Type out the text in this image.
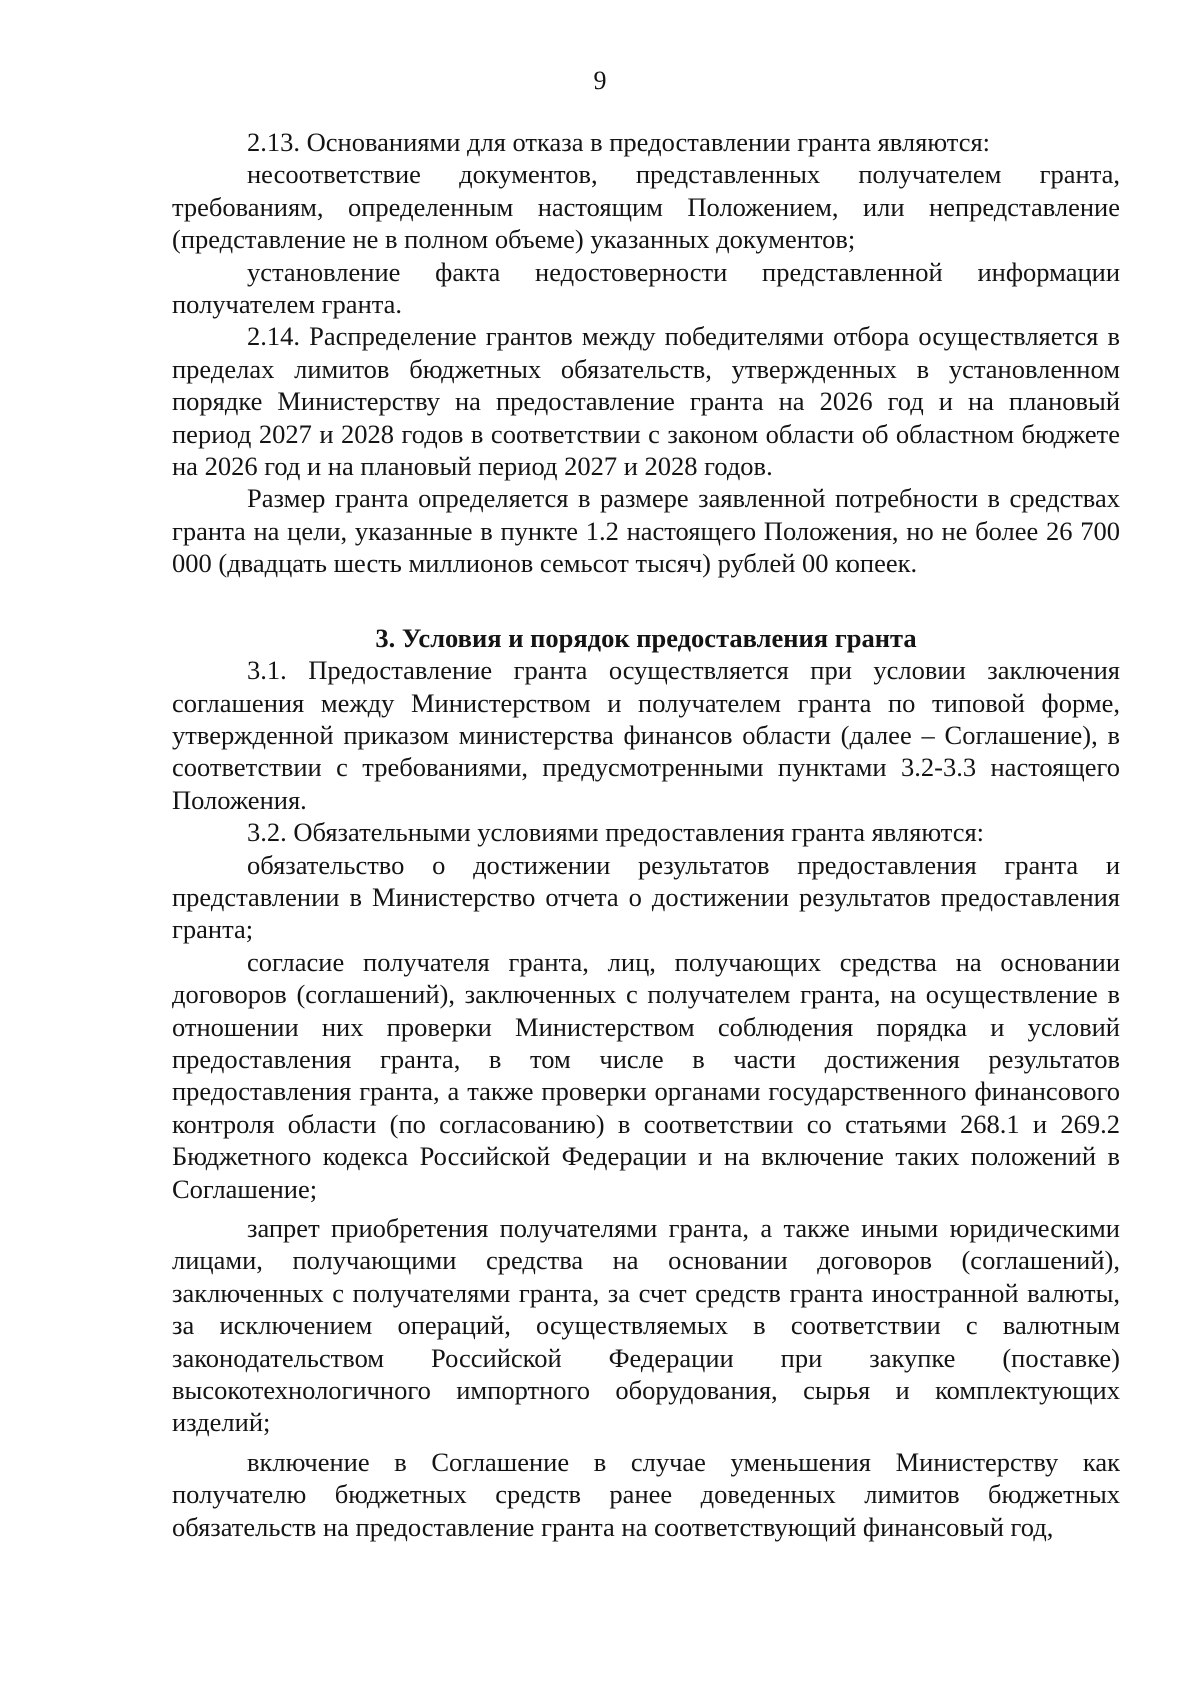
9

2.13. Основаниями для отказа в предоставлении гранта являются:

несоответствие документов, представленных получателем гранта, требованиям, определенным настоящим Положением, или непредставление (представление не в полном объеме) указанных документов;

установление факта недостоверности представленной информации получателем гранта.

2.14. Распределение грантов между победителями отбора осуществляется в пределах лимитов бюджетных обязательств, утвержденных в установленном порядке Министерству на предоставление гранта на 2026 год и на плановый период 2027 и 2028 годов в соответствии с законом области об областном бюджете на 2026 год и на плановый период 2027 и 2028 годов.

Размер гранта определяется в размере заявленной потребности в средствах гранта на цели, указанные в пункте 1.2 настоящего Положения, но не более 26 700 000 (двадцать шесть миллионов семьсот тысяч) рублей 00 копеек.

3. Условия и порядок предоставления гранта

3.1. Предоставление гранта осуществляется при условии заключения соглашения между Министерством и получателем гранта по типовой форме, утвержденной приказом министерства финансов области (далее – Соглашение), в соответствии с требованиями, предусмотренными пунктами 3.2-3.3 настоящего Положения.

3.2. Обязательными условиями предоставления гранта являются:

обязательство о достижении результатов предоставления гранта и представлении в Министерство отчета о достижении результатов предоставления гранта;

согласие получателя гранта, лиц, получающих средства на основании договоров (соглашений), заключенных с получателем гранта, на осуществление в отношении них проверки Министерством соблюдения порядка и условий предоставления гранта, в том числе в части достижения результатов предоставления гранта, а также проверки органами государственного финансового контроля области (по согласованию) в соответствии со статьями 268.1 и 269.2 Бюджетного кодекса Российской Федерации и на включение таких положений в Соглашение;

запрет приобретения получателями гранта, а также иными юридическими лицами, получающими средства на основании договоров (соглашений), заключенных с получателями гранта, за счет средств гранта иностранной валюты, за исключением операций, осуществляемых в соответствии с валютным законодательством Российской Федерации при закупке (поставке) высокотехнологичного импортного оборудования, сырья и комплектующих изделий;

включение в Соглашение в случае уменьшения Министерству как получателю бюджетных средств ранее доведенных лимитов бюджетных обязательств на предоставление гранта на соответствующий финансовый год,
